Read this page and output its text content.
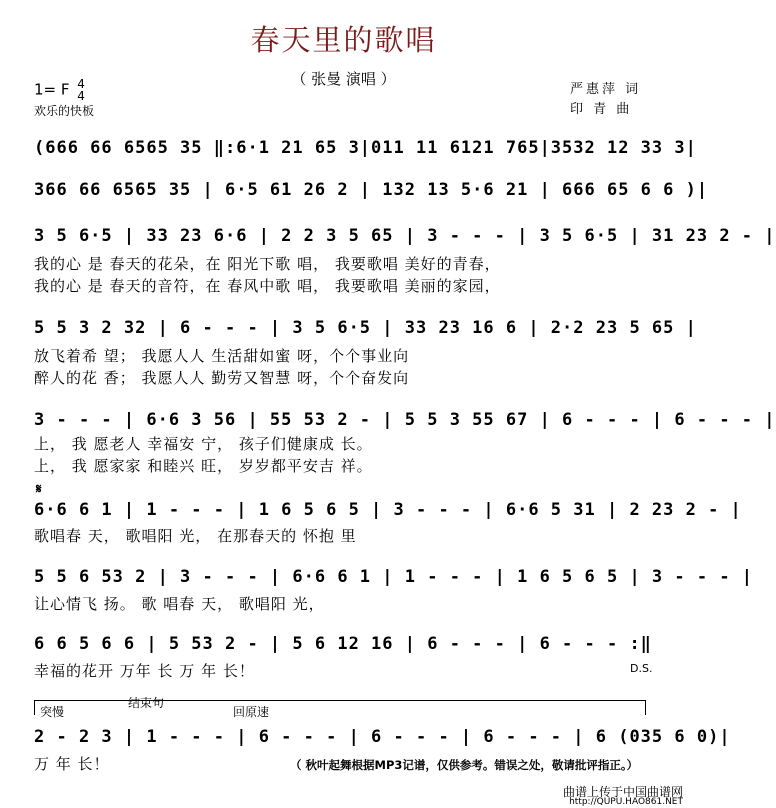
春天里的歌唱
（ 张曼 演唱 ）
1= F 4
4
欢乐的快板
严惠萍 词
印 青 曲
(666 66 6565 35 ‖:6·1 21 65 3|011 11 6121 765|3532 12 33 3|
366 66 6565 35 | 6·5 61 26 2 | 132 13 5·6 21 | 666 65 6 6 )|
3 5 6·5 | 33 23 6·6 | 2 2 3 5 65 | 3 - - - | 3 5 6·5 | 31 23 2 - |
我的心 是 春天的花朵，在 阳光下歌 唱， 我要歌唱 美好的青春，
我的心 是 春天的音符，在 春风中歌 唱， 我要歌唱 美丽的家园，
5 5 3 2 32 | 6 - - - | 3 5 6·5 | 33 23 16 6 | 2·2 23 5 65 |
放飞着希 望； 我愿人人 生活甜如蜜 呀，个个事业向
醉人的花 香； 我愿人人 勤劳又智慧 呀，个个奋发向
3 - - - | 6·6 3 56 | 55 53 2 - | 5 5 3 55 67 | 6 - - - | 6 - - - |
上， 我 愿老人 幸福安 宁， 孩子们健康成 长。
上， 我 愿家家 和睦兴 旺， 岁岁都平安吉 祥。
𝄋
6·6 6 1 | 1 - - - | 1 6 5 6 5 | 3 - - - | 6·6 5 31 | 2 23 2 - |
歌唱春 天， 歌唱阳 光， 在那春天的 怀抱 里
5 5 6 53 2 | 3 - - - | 6·6 6 1 | 1 - - - | 1 6 5 6 5 | 3 - - - |
让心情飞 扬。 歌 唱春 天， 歌唱阳 光，
6 6 5 6 6 | 5 53 2 - | 5 6 12 16 | 6 - - - | 6 - - - :‖
幸福的花开 万年 长 万 年 长！	D.S.
突慢
结束句
回原速
2 - 2 3 | 1 - - - | 6 - - - | 6 - - - | 6 - - - | 6 (035 6 0)|
万 年 长！	（ 秋叶起舞根据MP3记谱，仅供参考。错误之处，敬请批评指正。）
曲谱上传于中国曲谱网
http://QUPU.HAO861.NET
